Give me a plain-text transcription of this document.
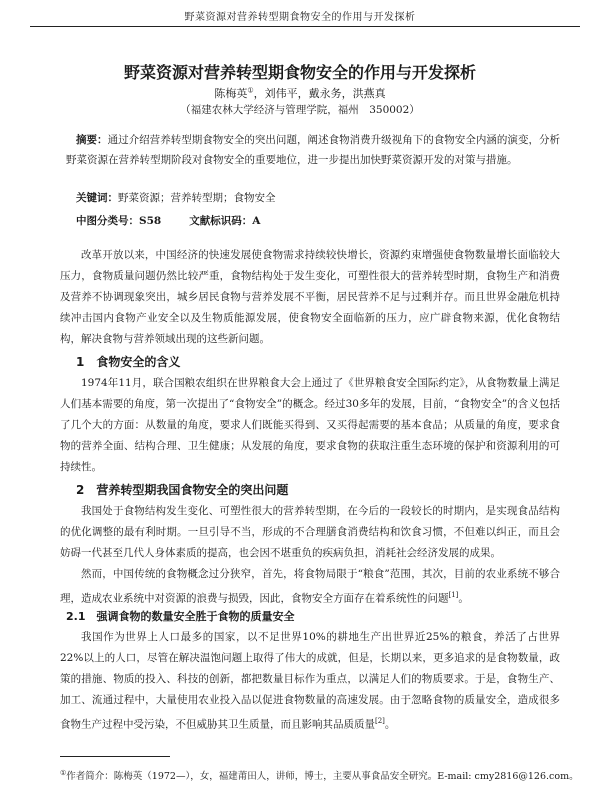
野菜资源对营养转型期食物安全的作用与开发探析
野菜资源对营养转型期食物安全的作用与开发探析
陈梅英①，刘伟平，戴永务，洪燕真
（福建农林大学经济与管理学院，福州　350002）
摘要：通过介绍营养转型期食物安全的突出问题，阐述食物消费升级视角下的食物安全内涵的演变，分析野菜资源在营养转型期阶段对食物安全的重要地位，进一步提出加快野菜资源开发的对策与措施。
关键词：野菜资源；营养转型期；食物安全
中图分类号：S58	文献标识码：A

改革开放以来，中国经济的快速发展使食物需求持续较快增长，资源约束增强使食物数量增长面临较大压力，食物质量问题仍然比较严重，食物结构处于发生变化，可塑性很大的营养转型时期，食物生产和消费及营养不协调现象突出，城乡居民食物与营养发展不平衡，居民营养不足与过剩并存。而且世界金融危机持续冲击国内食物产业安全以及生物质能源发展，使食物安全面临新的压力，应广辟食物来源，优化食物结构，解决食物与营养领域出现的这些新问题。

1　食物安全的含义

1974年11月，联合国粮农组织在世界粮食大会上通过了《世界粮食安全国际约定》，从食物数量上满足人们基本需要的角度，第一次提出了“食物安全”的概念。经过30多年的发展，目前，“食物安全”的含义包括了几个大的方面：从数量的角度，要求人们既能买得到、又买得起需要的基本食品；从质量的角度，要求食物的营养全面、结构合理、卫生健康；从发展的角度，要求食物的获取注重生态环境的保护和资源利用的可持续性。

2　营养转型期我国食物安全的突出问题

我国处于食物结构发生变化、可塑性很大的营养转型期，在今后的一段较长的时期内，是实现食品结构的优化调整的最有利时期。一旦引导不当，形成的不合理膳食消费结构和饮食习惯，不但难以纠正，而且会妨碍一代甚至几代人身体素质的提高，也会因不堪重负的疾病负担，消耗社会经济发展的成果。

然而，中国传统的食物概念过分狭窄，首先，将食物局限于“粮食”范围，其次，目前的农业系统不够合理，造成农业系统中对资源的浪费与损毁，因此，食物安全方面存在着系统性的问题[1]。

2.1　强调食物的数量安全胜于食物的质量安全

我国作为世界上人口最多的国家，以不足世界10%的耕地生产出世界近25%的粮食，养活了占世界22%以上的人口，尽管在解决温饱问题上取得了伟大的成就，但是，长期以来，更多追求的是食物数量，政策的措施、物质的投入、科技的创新，都把数量目标作为重点，以满足人们的物质要求。于是，食物生产、加工、流通过程中，大量使用农业投入品以促进食物数量的高速发展。由于忽略食物的质量安全，造成很多食物生产过程中受污染，不但威胁其卫生质量，而且影响其品质质量[2]。

①作者简介：陈梅英（1972—），女，福建莆田人，讲师，博士，主要从事食品安全研究。E-mail: cmy2816@126.com。
